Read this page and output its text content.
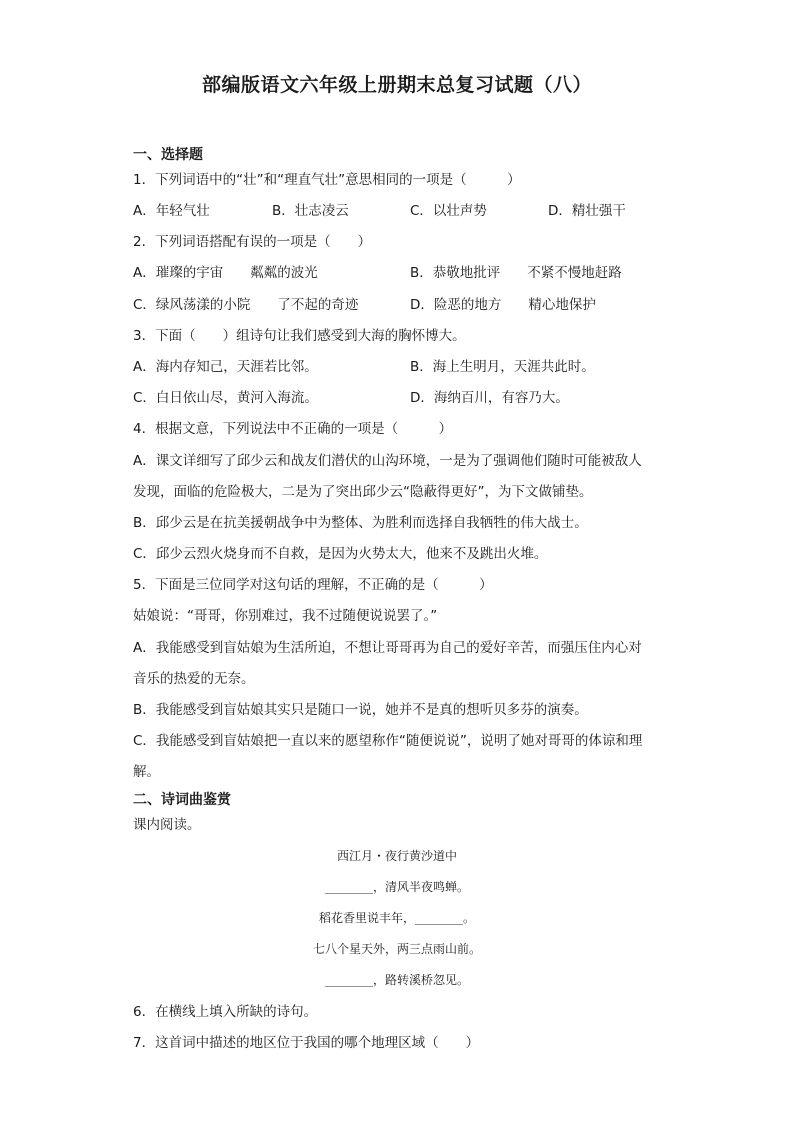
部编版语文六年级上册期末总复习试题（八）
一、选择题
1．下列词语中的“壮”和“理直气壮”意思相同的一项是（　　　）
A．年轻气壮	B．壮志凌云	C．以壮声势	D．精壮强干
2．下列词语搭配有误的一项是（　　）
A．璀璨的宇宙　　粼粼的波光	B．恭敬地批评　　不紧不慢地赶路
C．绿风荡漾的小院　　了不起的奇迹	D．险恶的地方　　精心地保护
3．下面（　　）组诗句让我们感受到大海的胸怀博大。
A．海内存知己，天涯若比邻。	B．海上生明月，天涯共此时。
C．白日依山尽，黄河入海流。	D．海纳百川，有容乃大。
4．根据文意，下列说法中不正确的一项是（　　　）
A．课文详细写了邱少云和战友们潜伏的山沟环境，一是为了强调他们随时可能被敌人
发现，面临的危险极大，二是为了突出邱少云“隐蔽得更好”，为下文做铺垫。
B．邱少云是在抗美援朝战争中为整体、为胜利而选择自我牺牲的伟大战士。
C．邱少云烈火烧身而不自救，是因为火势太大，他来不及跳出火堆。
5．下面是三位同学对这句话的理解，不正确的是（　　　）
姑娘说：“哥哥，你别难过，我不过随便说说罢了。”
A．我能感受到盲姑娘为生活所迫，不想让哥哥再为自己的爱好辛苦，而强压住内心对
音乐的热爱的无奈。
B．我能感受到盲姑娘其实只是随口一说，她并不是真的想听贝多芬的演奏。
C．我能感受到盲姑娘把一直以来的愿望称作“随便说说”，说明了她对哥哥的体谅和理
解。
二、诗词曲鉴赏
课内阅读。
西江月・夜行黄沙道中
________，清风半夜鸣蝉。
稻花香里说丰年，________。
七八个星天外，两三点雨山前。
________，路转溪桥忽见。
6．在横线上填入所缺的诗句。
7．这首词中描述的地区位于我国的哪个地理区域（　　）
